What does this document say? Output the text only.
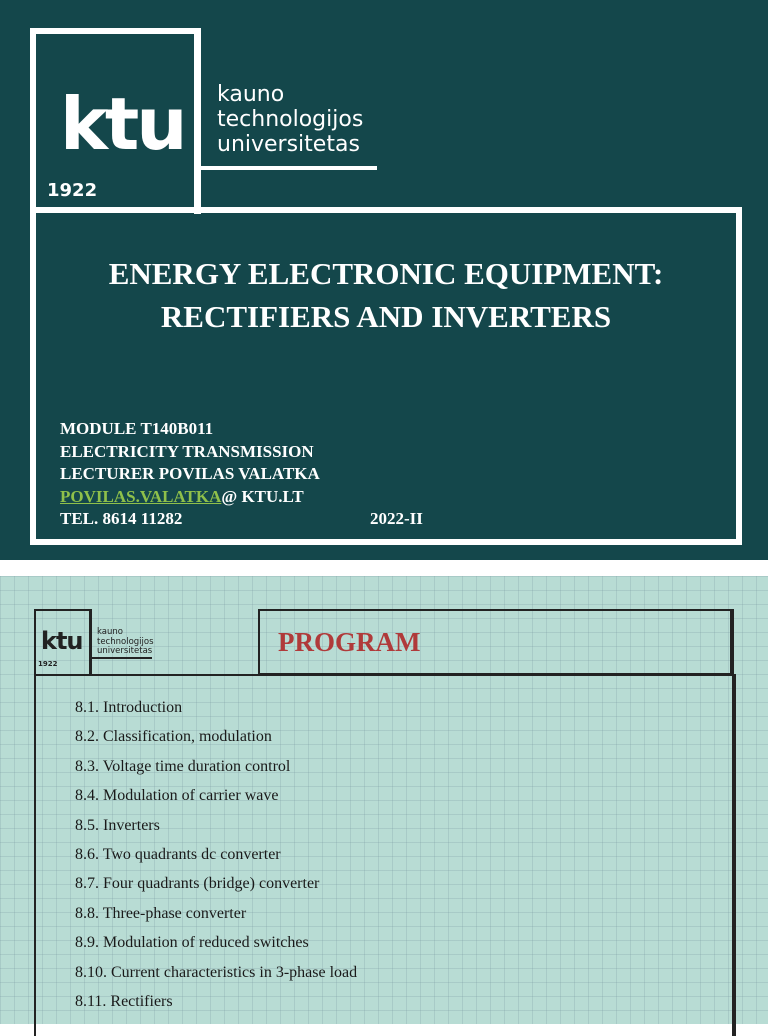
ktu
1922
kauno
technologijos
universitetas
ENERGY ELECTRONIC EQUIPMENT:
RECTIFIERS AND INVERTERS
MODULE T140B011
ELECTRICITY TRANSMISSION
LECTURER POVILAS VALATKA
POVILAS.VALATKA@ KTU.LT
TEL. 8614 11282	2022-II
ktu
1922
kauno
technologijos
universitetas	PROGRAM
8.1. Introduction
8.2. Classification, modulation
8.3. Voltage time duration control
8.4. Modulation of carrier wave
8.5. Inverters
8.6. Two quadrants dc converter
8.7. Four quadrants (bridge) converter
8.8. Three-phase converter
8.9. Modulation of reduced switches
8.10. Current characteristics in 3-phase load
8.11. Rectifiers
